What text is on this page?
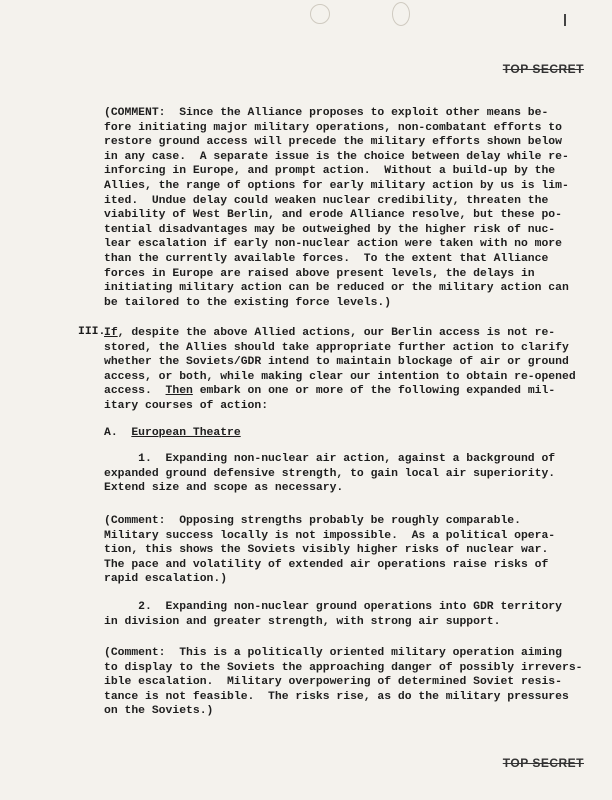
TOP SECRET
(COMMENT:  Since the Alliance proposes to exploit other means be-
fore initiating major military operations, non-combatant efforts to
restore ground access will precede the military efforts shown below
in any case.  A separate issue is the choice between delay while re-
inforcing in Europe, and prompt action.  Without a build-up by the
Allies, the range of options for early military action by us is lim-
ited.  Undue delay could weaken nuclear credibility, threaten the
viability of West Berlin, and erode Alliance resolve, but these po-
tential disadvantages may be outweighed by the higher risk of nuc-
lear escalation if early non-nuclear action were taken with no more
than the currently available forces.  To the extent that Alliance
forces in Europe are raised above present levels, the delays in
initiating military action can be reduced or the military action can
be tailored to the existing force levels.)
III.
If, despite the above Allied actions, our Berlin access is not re-
stored, the Allies should take appropriate further action to clarify
whether the Soviets/GDR intend to maintain blockage of air or ground
access, or both, while making clear our intention to obtain re-opened
access.  Then embark on one or more of the following expanded mil-
itary courses of action:
A. European Theatre
1.  Expanding non-nuclear air action, against a background of
expanded ground defensive strength, to gain local air superiority.
Extend size and scope as necessary.
(Comment:  Opposing strengths probably be roughly comparable.
Military success locally is not impossible.  As a political opera-
tion, this shows the Soviets visibly higher risks of nuclear war.
The pace and volatility of extended air operations raise risks of
rapid escalation.)
2.  Expanding non-nuclear ground operations into GDR territory
in division and greater strength, with strong air support.
(Comment:  This is a politically oriented military operation aiming
to display to the Soviets the approaching danger of possibly irrevers-
ible escalation.  Military overpowering of determined Soviet resis-
tance is not feasible.  The risks rise, as do the military pressures
on the Soviets.)
TOP SECRET
